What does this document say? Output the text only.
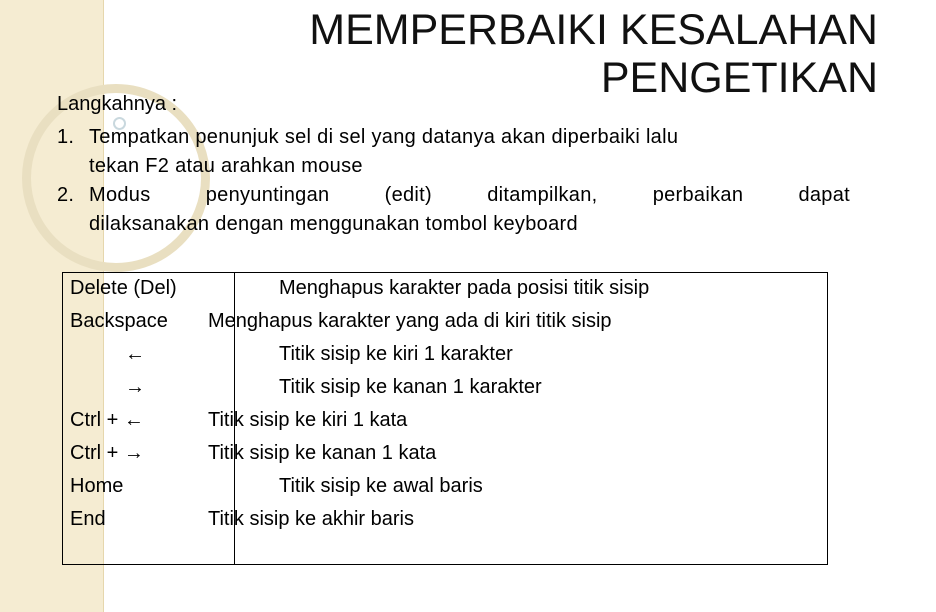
MEMPERBAIKI KESALAHAN
PENGETIKAN
Langkahnya :
1. Tempatkan penunjuk sel di sel yang datanya akan diperbaiki lalu
tekan F2 atau arahkan mouse
2. Modus	penyuntingan	(edit)	ditampilkan,	perbaikan	dapat
dilaksanakan dengan menggunakan tombol keyboard
Delete (Del)	Menghapus karakter pada posisi titik sisip
Backspace Menghapus karakter yang ada di kiri titik sisip
←	Titik sisip ke kiri 1 karakter
→	Titik sisip ke kanan 1 karakter
Ctrl + ←	Titik sisip ke kiri 1 kata
Ctrl + →	Titik sisip ke kanan 1 kata
Home	Titik sisip ke awal baris
End	Titik sisip ke akhir baris
